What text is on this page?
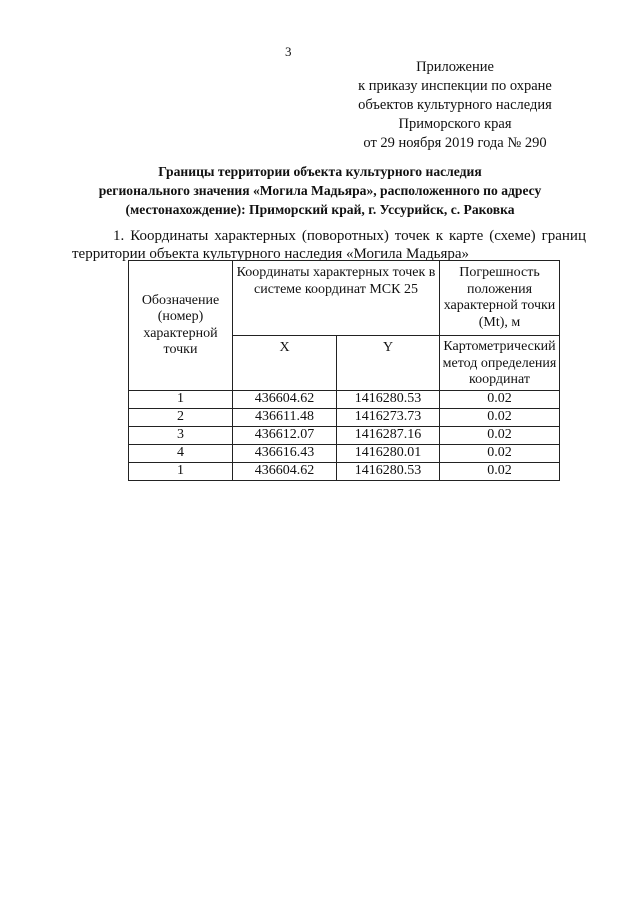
3
Приложение
к приказу инспекции по охране
объектов культурного наследия
Приморского края
от 29 ноября 2019 года № 290
Границы территории объекта культурного наследия
регионального значения «Могила Мадьяра», расположенного по адресу
(местонахождение): Приморский край, г. Уссурийск, с. Раковка
1. Координаты характерных (поворотных) точек к карте (схеме) границ
территории объекта культурного наследия «Могила Мадьяра»
Обозначение (номер) характерной точки	Координаты характерных точек в системе координат МСК 25		Погрешность положения характерной точки (Mt), м
	X	Y	Картометрический метод определения координат
1	436604.62	1416280.53	0.02
2	436611.48	1416273.73	0.02
3	436612.07	1416287.16	0.02
4	436616.43	1416280.01	0.02
1	436604.62	1416280.53	0.02
